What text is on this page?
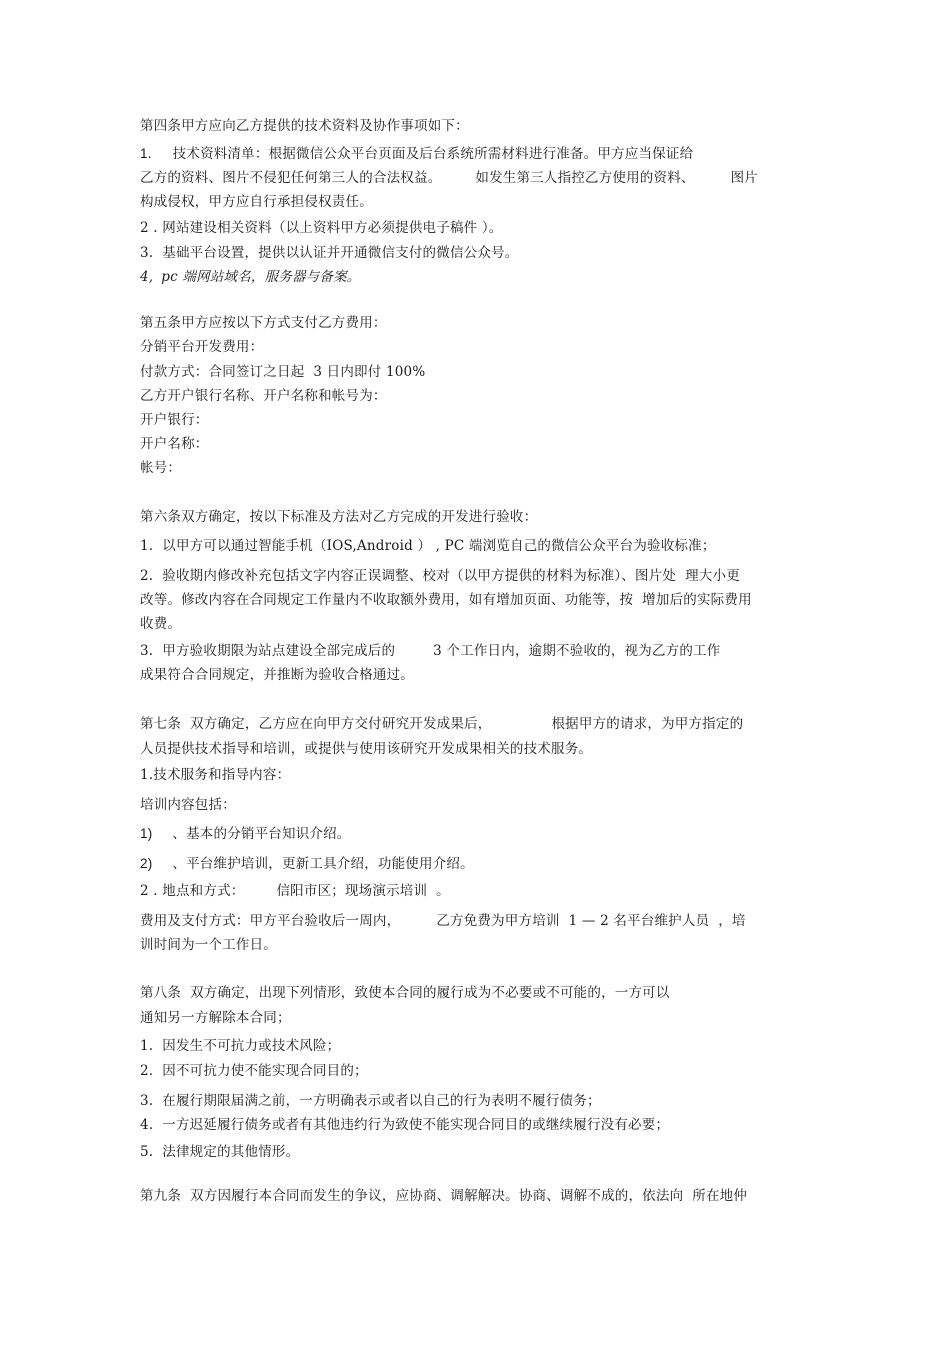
第四条甲方应向乙方提供的技术资料及协作事项如下：
1. 技术资料清单：根据微信公众平台页面及后台系统所需材料进行准备。甲方应当保证给
乙方的资料、图片不侵犯任何第三人的合法权益。	如发生第三人指控乙方使用的资料、	图片
构成侵权，甲方应自行承担侵权责任。
2 . 网站建设相关资料（以上资料甲方必须提供电子稿件 ）。
3.  基础平台设置，提供以认证并开通微信支付的微信公众号。
4, pc 端网站域名，服务器与备案。
第五条甲方应按以下方式支付乙方费用：
分销平台开发费用：
付款方式：合同签订之日起  3 日内即付 100%
乙方开户银行名称、开户名称和帐号为：
开户银行：
开户名称：
帐号：
第六条双方确定，按以下标准及方法对乙方完成的开发进行验收：
1.  以甲方可以通过智能手机（IOS,Android ） , PC 端浏览自己的微信公众平台为验收标准；
2.  验收期内修改补充包括文字内容正误调整、校对（以甲方提供的材料为标准）、图片处  理大小更
改等。修改内容在合同规定工作量内不收取额外费用，如有增加页面、功能等，按  增加后的实际费用
收费。
3.  甲方验收期限为站点建设全部完成后的	3 个工作日内，逾期不验收的，视为乙方的工作
成果符合合同规定，并推断为验收合格通过。
第七条  双方确定，乙方应在向甲方交付研究开发成果后，	根据甲方的请求，为甲方指定的
人员提供技术指导和培训，或提供与使用该研究开发成果相关的技术服务。
1.技术服务和指导内容：
培训内容包括：
1) 、基本的分销平台知识介绍。
2) 、平台维护培训，更新工具介绍，功能使用介绍。
2 . 地点和方式： 信阳市区；现场演示培训  。
费用及支付方式：甲方平台验收后一周内，	乙方免费为甲方培训  1 — 2 名平台维护人员  ，培
训时间为一个工作日。
第八条  双方确定，出现下列情形，致使本合同的履行成为不必要或不可能的，一方可以
通知另一方解除本合同；
1.  因发生不可抗力或技术风险；
2.  因不可抗力使不能实现合同目的；
3.  在履行期限届满之前，一方明确表示或者以自己的行为表明不履行债务；
4.  一方迟延履行债务或者有其他违约行为致使不能实现合同目的或继续履行没有必要；
5.  法律规定的其他情形。
第九条  双方因履行本合同而发生的争议，应协商、调解解决。协商、调解不成的，依法向  所在地仲
